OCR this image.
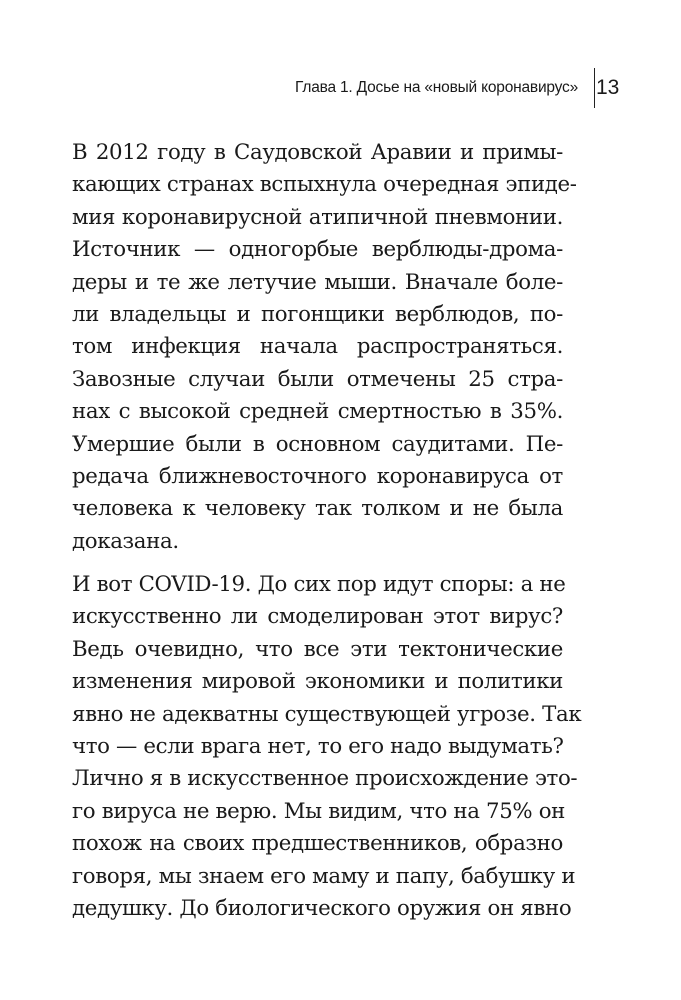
Глава 1. Досье на «новый коронавирус» 13

В 2012 году в Саудовской Аравии и примы-
кающих странах вспыхнула очередная эпиде-
мия коронавирусной атипичной пневмонии.
Источник — одногорбые верблюды-дрома-
деры и те же летучие мыши. Вначале боле-
ли владельцы и погонщики верблюдов, по-
том инфекция начала распространяться.
Завозные случаи были отмечены 25 стра-
нах с высокой средней смертностью в 35%.
Умершие были в основном саудитами. Пе-
редача ближневосточного коронавируса от
человека к человеку так толком и не была
доказана.

И вот COVID-19. До сих пор идут споры: а не
искусственно ли смоделирован этот вирус?
Ведь очевидно, что все эти тектонические
изменения мировой экономики и политики
явно не адекватны существующей угрозе. Так
что — если врага нет, то его надо выдумать?
Лично я в искусственное происхождение это-
го вируса не верю. Мы видим, что на 75% он
похож на своих предшественников, образно
говоря, мы знаем его маму и папу, бабушку и
дедушку. До биологического оружия он явно
